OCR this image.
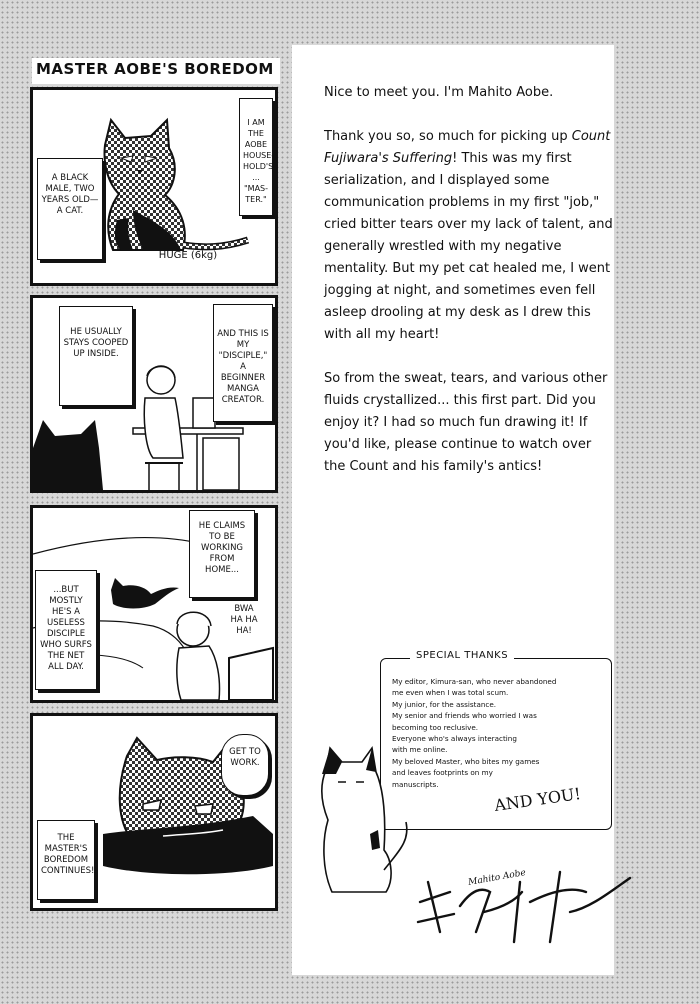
MASTER AOBE'S BOREDOM
A BLACK MALE, TWO YEARS OLD—A CAT.
I AM THE AOBE HOUSE-HOLD'S ... "MAS-TER."
HUGE (6kg)
HE USUALLY STAYS COOPED UP INSIDE.
AND THIS IS MY "DISCIPLE," A BEGINNER MANGA CREATOR.
HE CLAIMS TO BE WORKING FROM HOME...
...BUT MOSTLY HE'S A USELESS DISCIPLE WHO SURFS THE NET ALL DAY.
BWA HA HA HA!
GET TO WORK.
THE MASTER'S BOREDOM CONTINUES!

Nice to meet you. I'm Mahito Aobe.

Thank you so, so much for picking up Count Fujiwara's Suffering! This was my first serialization, and I displayed some communication problems in my first "job," cried bitter tears over my lack of talent, and generally wrestled with my negative mentality. But my pet cat healed me, I went jogging at night, and sometimes even fell asleep drooling at my desk as I drew this with all my heart!

So from the sweat, tears, and various other fluids crystallized... this first part. Did you enjoy it? I had so much fun drawing it! If you'd like, please continue to watch over the Count and his family's antics!

SPECIAL THANKS
My editor, Kimura-san, who never abandoned
me even when I was total scum.
My junior, for the assistance.
My senior and friends who worried I was
becoming too reclusive.
Everyone who's always interacting
with me online.
My beloved Master, who bites my games
and leaves footprints on my
manuscripts.	AND YOU!
Mahito Aobe
